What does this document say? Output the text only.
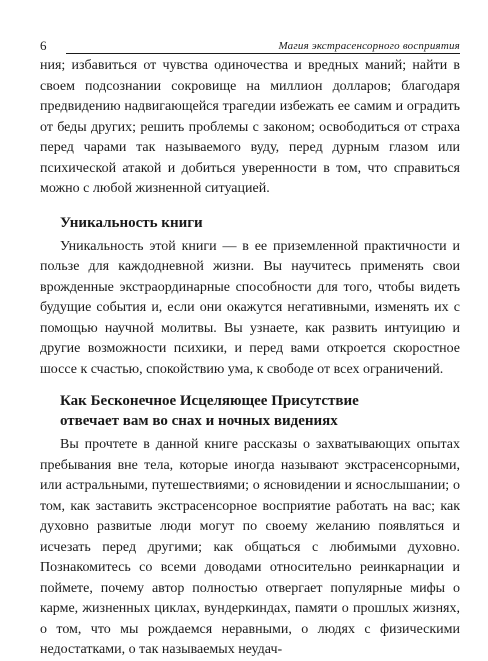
6	Магия экстрасенсорного восприятия

ния; избавиться от чувства одиночества и вредных маний; найти в своем подсознании сокровище на миллион долларов; благодаря предвидению надвигающейся трагедии избежать ее самим и оградить от беды других; решить проблемы с законом; освободиться от страха перед чарами так называемого вуду, перед дурным глазом или психической атакой и добиться уверенности в том, что справиться можно с любой жизненной ситуацией.

Уникальность книги

Уникальность этой книги — в ее приземленной практичности и пользе для каждодневной жизни. Вы научитесь применять свои врожденные экстраординарные способности для того, чтобы видеть будущие события и, если они окажутся негативными, изменять их с помощью научной молитвы. Вы узнаете, как развить интуицию и другие возможности психики, и перед вами откроется скоростное шоссе к счастью, спокойствию ума, к свободе от всех ограничений.

Как Бесконечное Исцеляющее Присутствие
отвечает вам во снах и ночных видениях

Вы прочтете в данной книге рассказы о захватывающих опытах пребывания вне тела, которые иногда называют экстрасенсорными, или астральными, путешествиями; о ясновидении и яснослышании; о том, как заставить экстрасенсорное восприятие работать на вас; как духовно развитые люди могут по своему желанию появляться и исчезать перед другими; как общаться с любимыми духовно. Познакомитесь со всеми доводами относительно реинкарнации и поймете, почему автор полностью отвергает популярные мифы о карме, жизненных циклах, вундеркиндах, памяти о прошлых жизнях, о том, что мы рождаемся неравными, о людях с физическими недостатками, о так называемых неудач-
